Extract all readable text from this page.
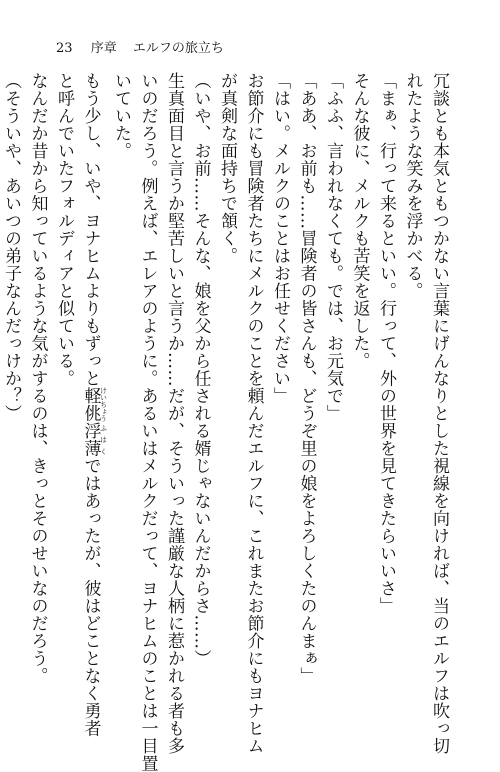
23 序章 エルフの旅立ち

冗談とも本気ともつかない言葉にげんなりとした視線を向ければ、当のエルフは吹っ切

れたような笑みを浮かべる。

「まぁ、行って来るといい。行って、外の世界を見てきたらいいさ」

そんな彼に、メルクも苦笑を返した。

「ふふ、言われなくても。では、お元気で」

「ああ、お前も……冒険者の皆さんも、どうぞ里の娘をよろしくたのんまぁ」

「はい。メルクのことはお任せください」

お節介にも冒険者たちにメルクのことを頼んだエルフに、これまたお節介にもヨナヒム

が真剣な面持ちで頷く。

（いや、お前……そんな、娘を父から任される婿じゃないんだからさ……）

生真面目と言うか堅苦しいと言うか……だが、そういった謹厳な人柄に惹かれる者も多

いのだろう。例えば、エレアのように。あるいはメルクだって、ヨナヒムのことは一目置

いていた。

もう少し、いや、ヨナヒムよりもずっと軽佻 けいちょう浮薄 ふはくではあったが、彼はどことなく勇者

と呼んでいたフォルディアと似ている。

なんだか昔から知っているような気がするのは、きっとそのせいなのだろう。

（そういや、あいつの弟子なんだっけか？）
